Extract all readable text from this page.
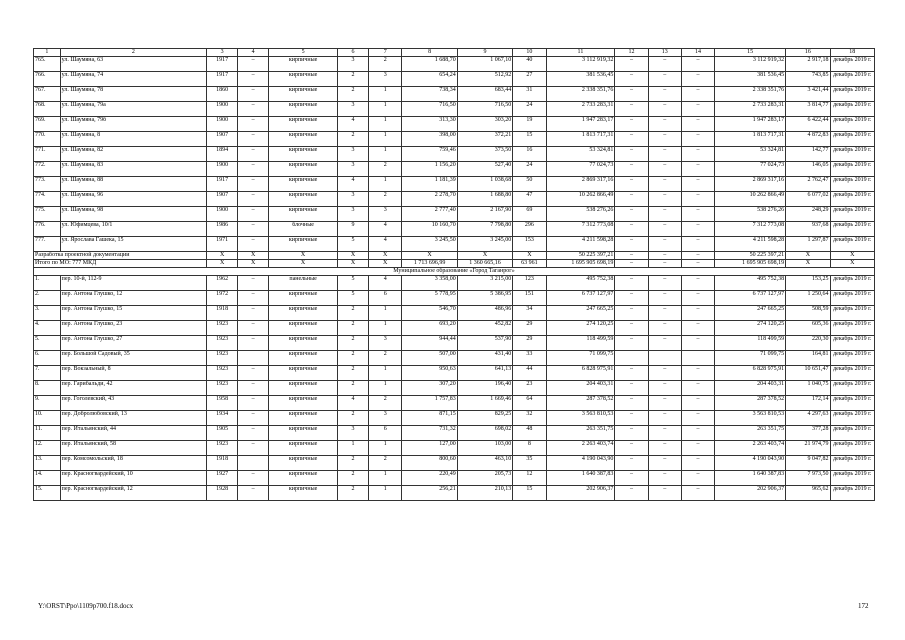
1	2	3	4	5	6	7	8	9	10	11	12	13	14	15	16	18
765.	ул. Шаумяна, 63	1917	–	кирпичные	3	2	1 688,70	1 067,10	40	3 112 919,32	–	–	–	3 112 919,32	2 917,18	декабрь 2019 г.
766.	ул. Шаумяна, 74	1917	–	кирпичные	2	3	654,24	512,92	27	381 536,45	–	–	–	381 536,45	743,85	декабрь 2019 г.
767.	ул. Шаумяна, 78	1860	–	кирпичные	2	1	738,34	683,44	31	2 338 351,76	–	–	–	2 338 351,76	3 421,44	декабрь 2019 г.
768.	ул. Шаумяна, 79а	1900	–	кирпичные	3	1	716,50	716,50	24	2 733 283,31	–	–	–	2 733 283,31	3 814,77	декабрь 2019 г.
769.	ул. Шаумяна, 79б	1900	–	кирпичные	4	1	313,30	303,20	19	1 947 283,17	–	–	–	1 947 283,17	6 422,44	декабрь 2019 г.
770.	ул. Шаумяна, 8	1907	–	кирпичные	2	1	398,00	372,21	15	1 813 717,31	–	–	–	1 813 717,31	4 872,83	декабрь 2019 г.
771.	ул. Шаумяна, 82	1894	–	кирпичные	3	1	759,46	373,50	16	53 324,81	–	–	–	53 324,81	142,77	декабрь 2019 г.
772.	ул. Шаумяна, 83	1900	–	кирпичные	3	2	1 156,20	527,40	24	77 024,73	–	–	–	77 024,73	146,05	декабрь 2019 г.
773.	ул. Шаумяна, 88	1917	–	кирпичные	4	1	1 181,39	1 038,68	50	2 869 317,16	–	–	–	2 869 317,16	2 762,47	декабрь 2019 г.
774.	ул. Шаумяна, 96	1907	–	кирпичные	3	2	2 278,70	1 688,80	47	10 262 866,49	–	–	–	10 262 866,49	6 077,02	декабрь 2019 г.
775.	ул. Шаумяна, 98	1900	–	кирпичные	3	3	2 777,40	2 167,90	69	538 276,26	–	–	–	538 276,26	248,29	декабрь 2019 г.
776.	ул. Юфимцева, 10/1	1986	–	блочные	9	4	10 160,70	7 798,80	296	7 312 773,08	–	–	–	7 312 773,08	937,68	декабрь 2019 г.
777.	ул. Ярослава Гашека, 15	1971	–	кирпичные	5	4	3 245,50	3 245,00	153	4 211 598,28	–	–	–	4 211 598,28	1 297,87	декабрь 2019 г.
Разработка проектной документации		Х	Х	Х	Х	Х	Х	Х	Х	50 225 397,21	–	–	–	50 225 397,21	Х	Х
Итого по МО: 777 МКД		Х	Х	Х	Х	Х	1 713 696,99	1 360 665,16	63 961	1 695 905 698,19	–	–	–	1 695 905 698,19	Х	Х
Муниципальное образование «Город Таганрог»																
1.	пер. 10-й, 112-9	1962	–	панельные	5	4	3 358,00	3 215,00	123	495 752,38	–	–	–	495 752,38	153,25	декабрь 2019 г.
2.	пер. Антона Глушко, 12	1972	–	кирпичные	5	6	5 778,95	5 386,95	151	6 737 127,97	–	–	–	6 737 127,97	1 250,64	декабрь 2019 г.
3.	пер. Антона Глушко, 15	1918	–	кирпичные	2	1	546,70	486,96	34	247 665,25	–	–	–	247 665,25	508,59	декабрь 2019 г.
4.	пер. Антона Глушко, 23	1923	–	кирпичные	2	1	693,20	452,82	29	274 120,25	–	–	–	274 120,25	605,36	декабрь 2019 г.
5.	пер. Антона Глушко, 27	1923	–	кирпичные	2	3	944,44	537,90	29	118 499,59	–	–	–	118 499,59	220,30	декабрь 2019 г.
6.	пер. Большой Садовый, 35	1923		кирпичные	2	2	507,00	431,40	33	71 099,75				71 099,75	164,81	декабрь 2019 г.
7.	пер. Вокзальный, 8	1923	–	кирпичные	2	1	950,63	641,13	44	6 828 975,91	–	–	–	6 828 975,91	10 651,47	декабрь 2019 г.
8.	пер. Гарибальди, 42	1923	–	кирпичные	2	1	307,20	196,40	23	204 403,31	–	–	–	204 403,31	1 040,75	декабрь 2019 г.
9.	пер. Гоголевский, 43	1958	–	кирпичные	4	2	1 757,83	1 669,46	64	287 378,52	–	–	–	287 378,52	172,14	декабрь 2019 г.
10.	пер. Добролюбовский, 13	1934	–	кирпичные	2	3	871,15	829,25	32	3 563 810,53	–	–	–	3 563 810,53	4 297,63	декабрь 2019 г.
11.	пер. Итальянский, 44	1905	–	кирпичные	3	6	731,32	698,02	48	263 351,75	–	–	–	263 351,75	377,28	декабрь 2019 г.
12.	пер. Итальянский, 58	1923	–	кирпичные	1	1	127,00	103,00	8	2 263 403,74	–	–	–	2 263 403,74	21 974,79	декабрь 2019 г.
13.	пер. Комсомольский, 18	1918		кирпичные	2	2	800,60	463,10	35	4 190 043,90	–	–	–	4 190 043,90	9 047,82	декабрь 2019 г.
14.	пер. Красногвардейский, 10	1927	–	кирпичные	2	1	220,49	205,73	12	1 640 387,83	–	–	–	1 640 387,83	7 973,50	декабрь 2019 г.
15.	пер. Красногвардейский, 12	1928	–	кирпичные	2	1	256,21	210,13	15	202 906,37	–	–	–	202 906,37	965,62	декабрь 2019 г.
Y:\ORST\Ppo\1109p700.f18.docx	172
